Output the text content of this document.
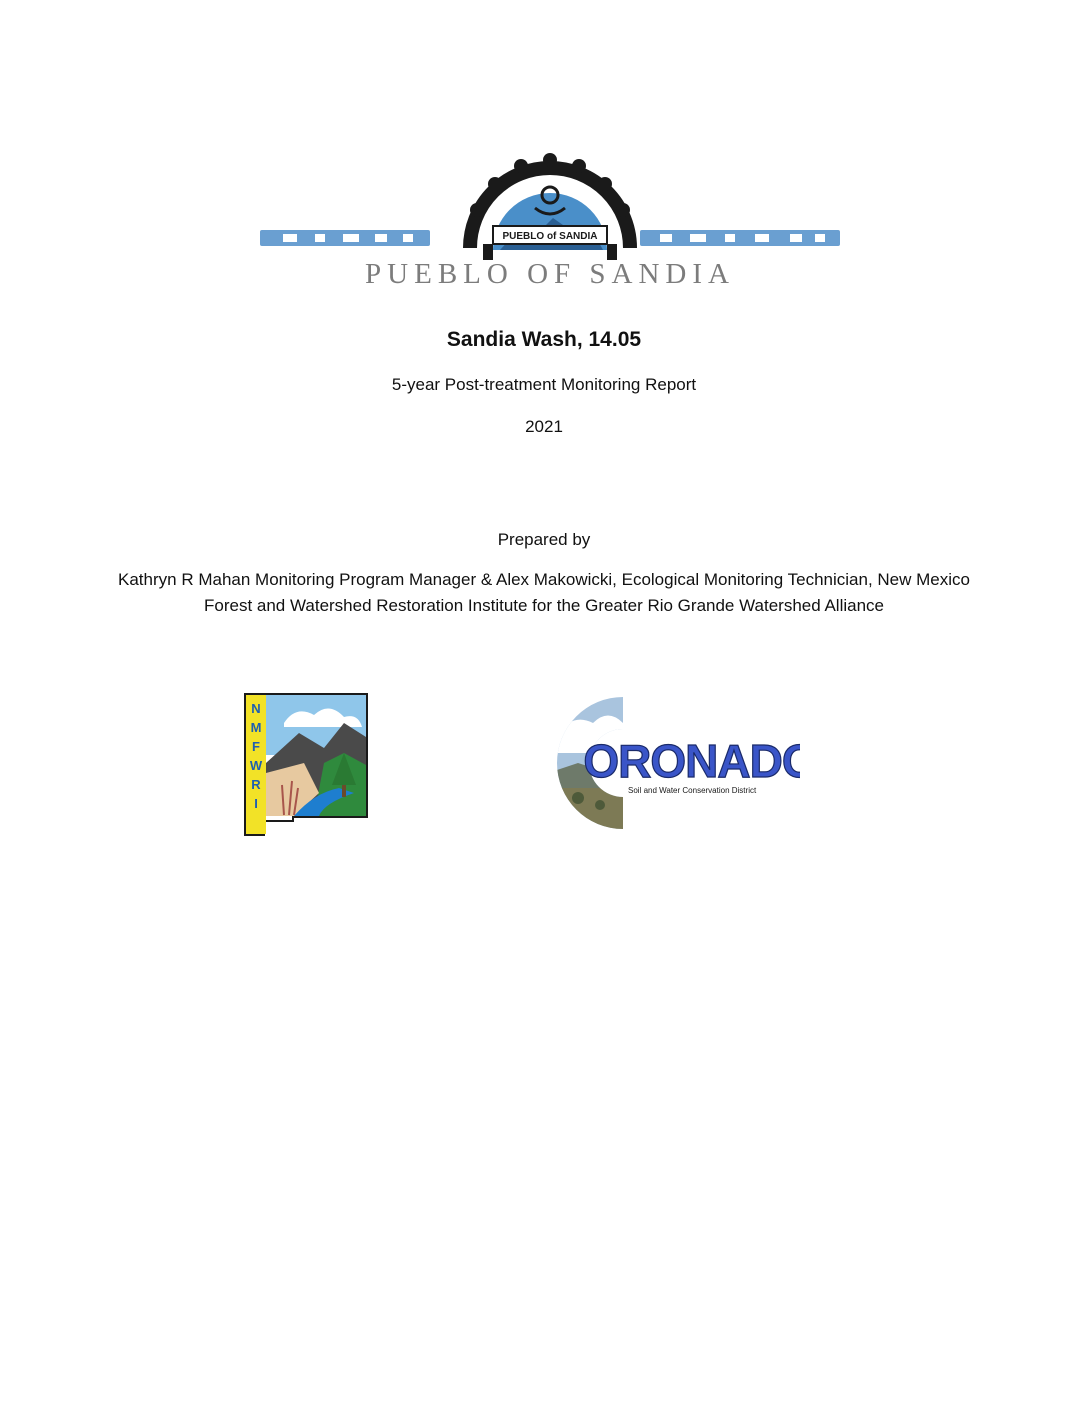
PUEBLO of SANDIA
PUEBLO OF SANDIA
Sandia Wash, 14.05
5-year Post-treatment Monitoring Report
2021
Prepared by
Kathryn R Mahan Monitoring Program Manager & Alex Makowicki, Ecological Monitoring Technician, New Mexico Forest and Watershed Restoration Institute for the Greater Rio Grande Watershed Alliance
N
M
F
W
R
I
ORONADO
Soil and Water Conservation District
